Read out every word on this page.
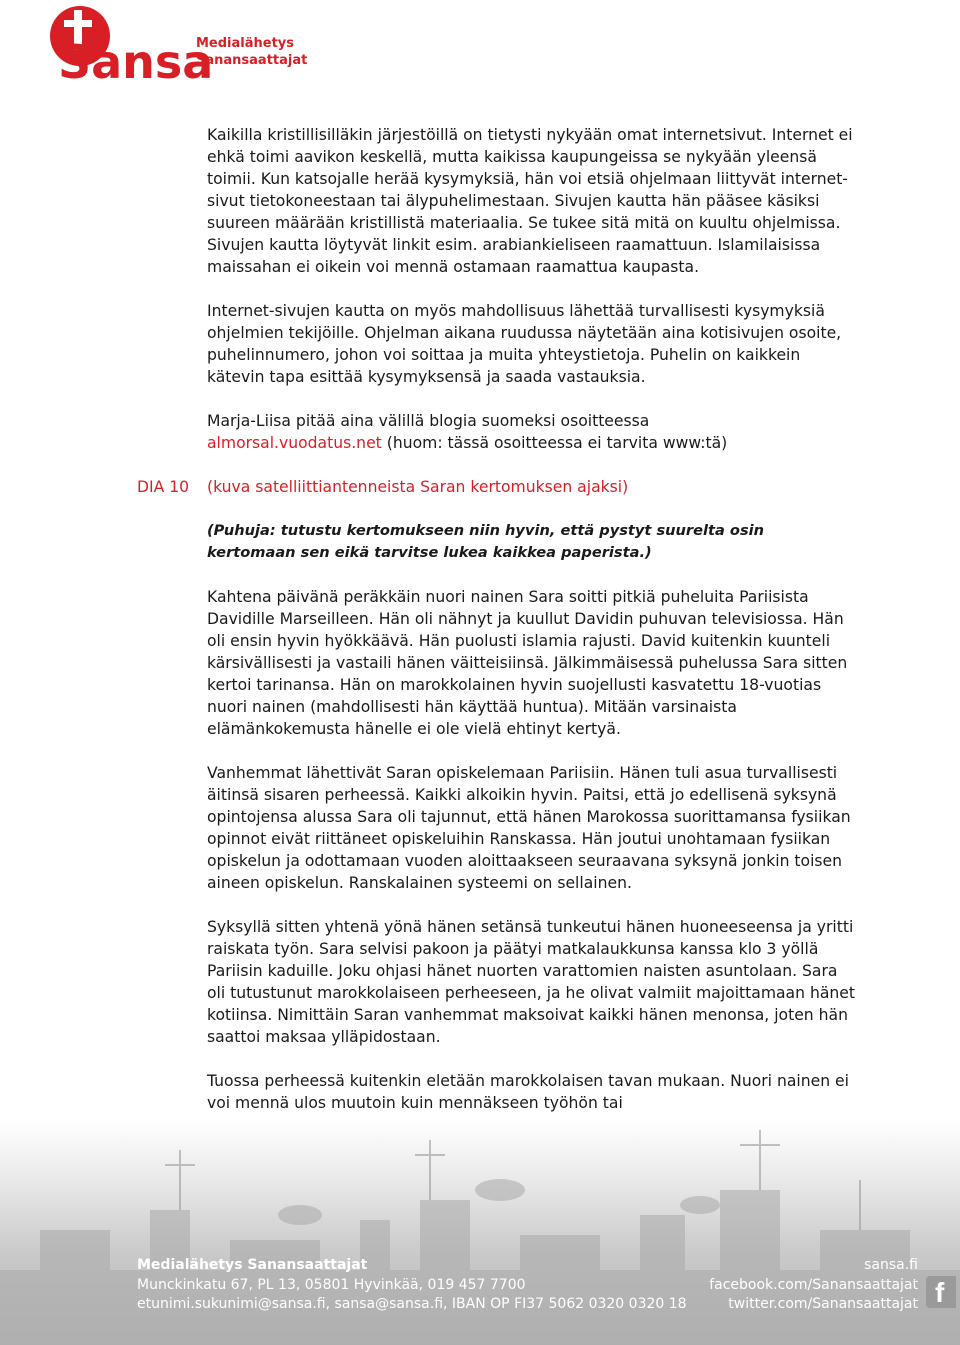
Sansa
Medialähetys
Sanansaattajat

Kaikilla kristillisilläkin järjestöillä on tietysti nykyään omat internetsivut. Internet ei ehkä toimi aavikon keskellä, mutta kaikissa kaupungeissa se nykyään yleensä toimii. Kun katsojalle herää kysymyksiä, hän voi etsiä ohjelmaan liittyvät internet-sivut tietokoneestaan tai älypuhelimestaan. Sivujen kautta hän pääsee käsiksi suureen määrään kristillistä materiaalia. Se tukee sitä mitä on kuultu ohjelmissa. Sivujen kautta löytyvät linkit esim. arabiankieliseen raamattuun. Islamilaisissa maissahan ei oikein voi mennä ostamaan raamattua kaupasta.

Internet-sivujen kautta on myös mahdollisuus lähettää turvallisesti kysymyksiä ohjelmien tekijöille. Ohjelman aikana ruudussa näytetään aina kotisivujen osoite, puhelinnumero, johon voi soittaa ja muita yhteystietoja. Puhelin on kaikkein kätevin tapa esittää kysymyksensä ja saada vastauksia.

Marja-Liisa pitää aina välillä blogia suomeksi osoitteessa
almorsal.vuodatus.net (huom: tässä osoitteessa ei tarvita www:tä)

DIA 10 (kuva satelliittiantenneista Saran kertomuksen ajaksi)

(Puhuja: tutustu kertomukseen niin hyvin, että pystyt suurelta osin kertomaan sen eikä tarvitse lukea kaikkea paperista.)

Kahtena päivänä peräkkäin nuori nainen Sara soitti pitkiä puheluita Pariisista Davidille Marseilleen. Hän oli nähnyt ja kuullut Davidin puhuvan televisiossa. Hän oli ensin hyvin hyökkäävä. Hän puolusti islamia rajusti. David kuitenkin kuunteli kärsivällisesti ja vastaili hänen väitteisiinsä. Jälkimmäisessä puhelussa Sara sitten kertoi tarinansa. Hän on marokkolainen hyvin suojellusti kasvatettu 18-vuotias nuori nainen (mahdollisesti hän käyttää huntua). Mitään varsinaista elämänkokemusta hänelle ei ole vielä ehtinyt kertyä.

Vanhemmat lähettivät Saran opiskelemaan Pariisiin. Hänen tuli asua turvallisesti äitinsä sisaren perheessä. Kaikki alkoikin hyvin. Paitsi, että jo edellisenä syksynä opintojensa alussa Sara oli tajunnut, että hänen Marokossa suorittamansa fysiikan opinnot eivät riittäneet opiskeluihin Ranskassa. Hän joutui unohtamaan fysiikan opiskelun ja odottamaan vuoden aloittaakseen seuraavana syksynä jonkin toisen aineen opiskelun. Ranskalainen systeemi on sellainen.

Syksyllä sitten yhtenä yönä hänen setänsä tunkeutui hänen huoneeseensa ja yritti raiskata työn. Sara selvisi pakoon ja päätyi matkalaukkunsa kanssa klo 3 yöllä Pariisin kaduille. Joku ohjasi hänet nuorten varattomien naisten asuntolaan. Sara oli tutustunut marokkolaiseen perheeseen, ja he olivat valmiit majoittamaan hänet kotiinsa. Nimittäin Saran vanhemmat maksoivat kaikki hänen menonsa, joten hän saattoi maksaa ylläpidostaan.

Tuossa perheessä kuitenkin eletään marokkolaisen tavan mukaan. Nuori nainen ei voi mennä ulos muutoin kuin mennäkseen työhön tai

Medialähetys Sanansaattajat
Munckinkatu 67, PL 13, 05801 Hyvinkää, 019 457 7700
etunimi.sukunimi@sansa.fi, sansa@sansa.fi, IBAN OP FI37 5062 0320 0320 18
sansa.fi
facebook.com/Sanansaattajat
twitter.com/Sanansaattajat f
